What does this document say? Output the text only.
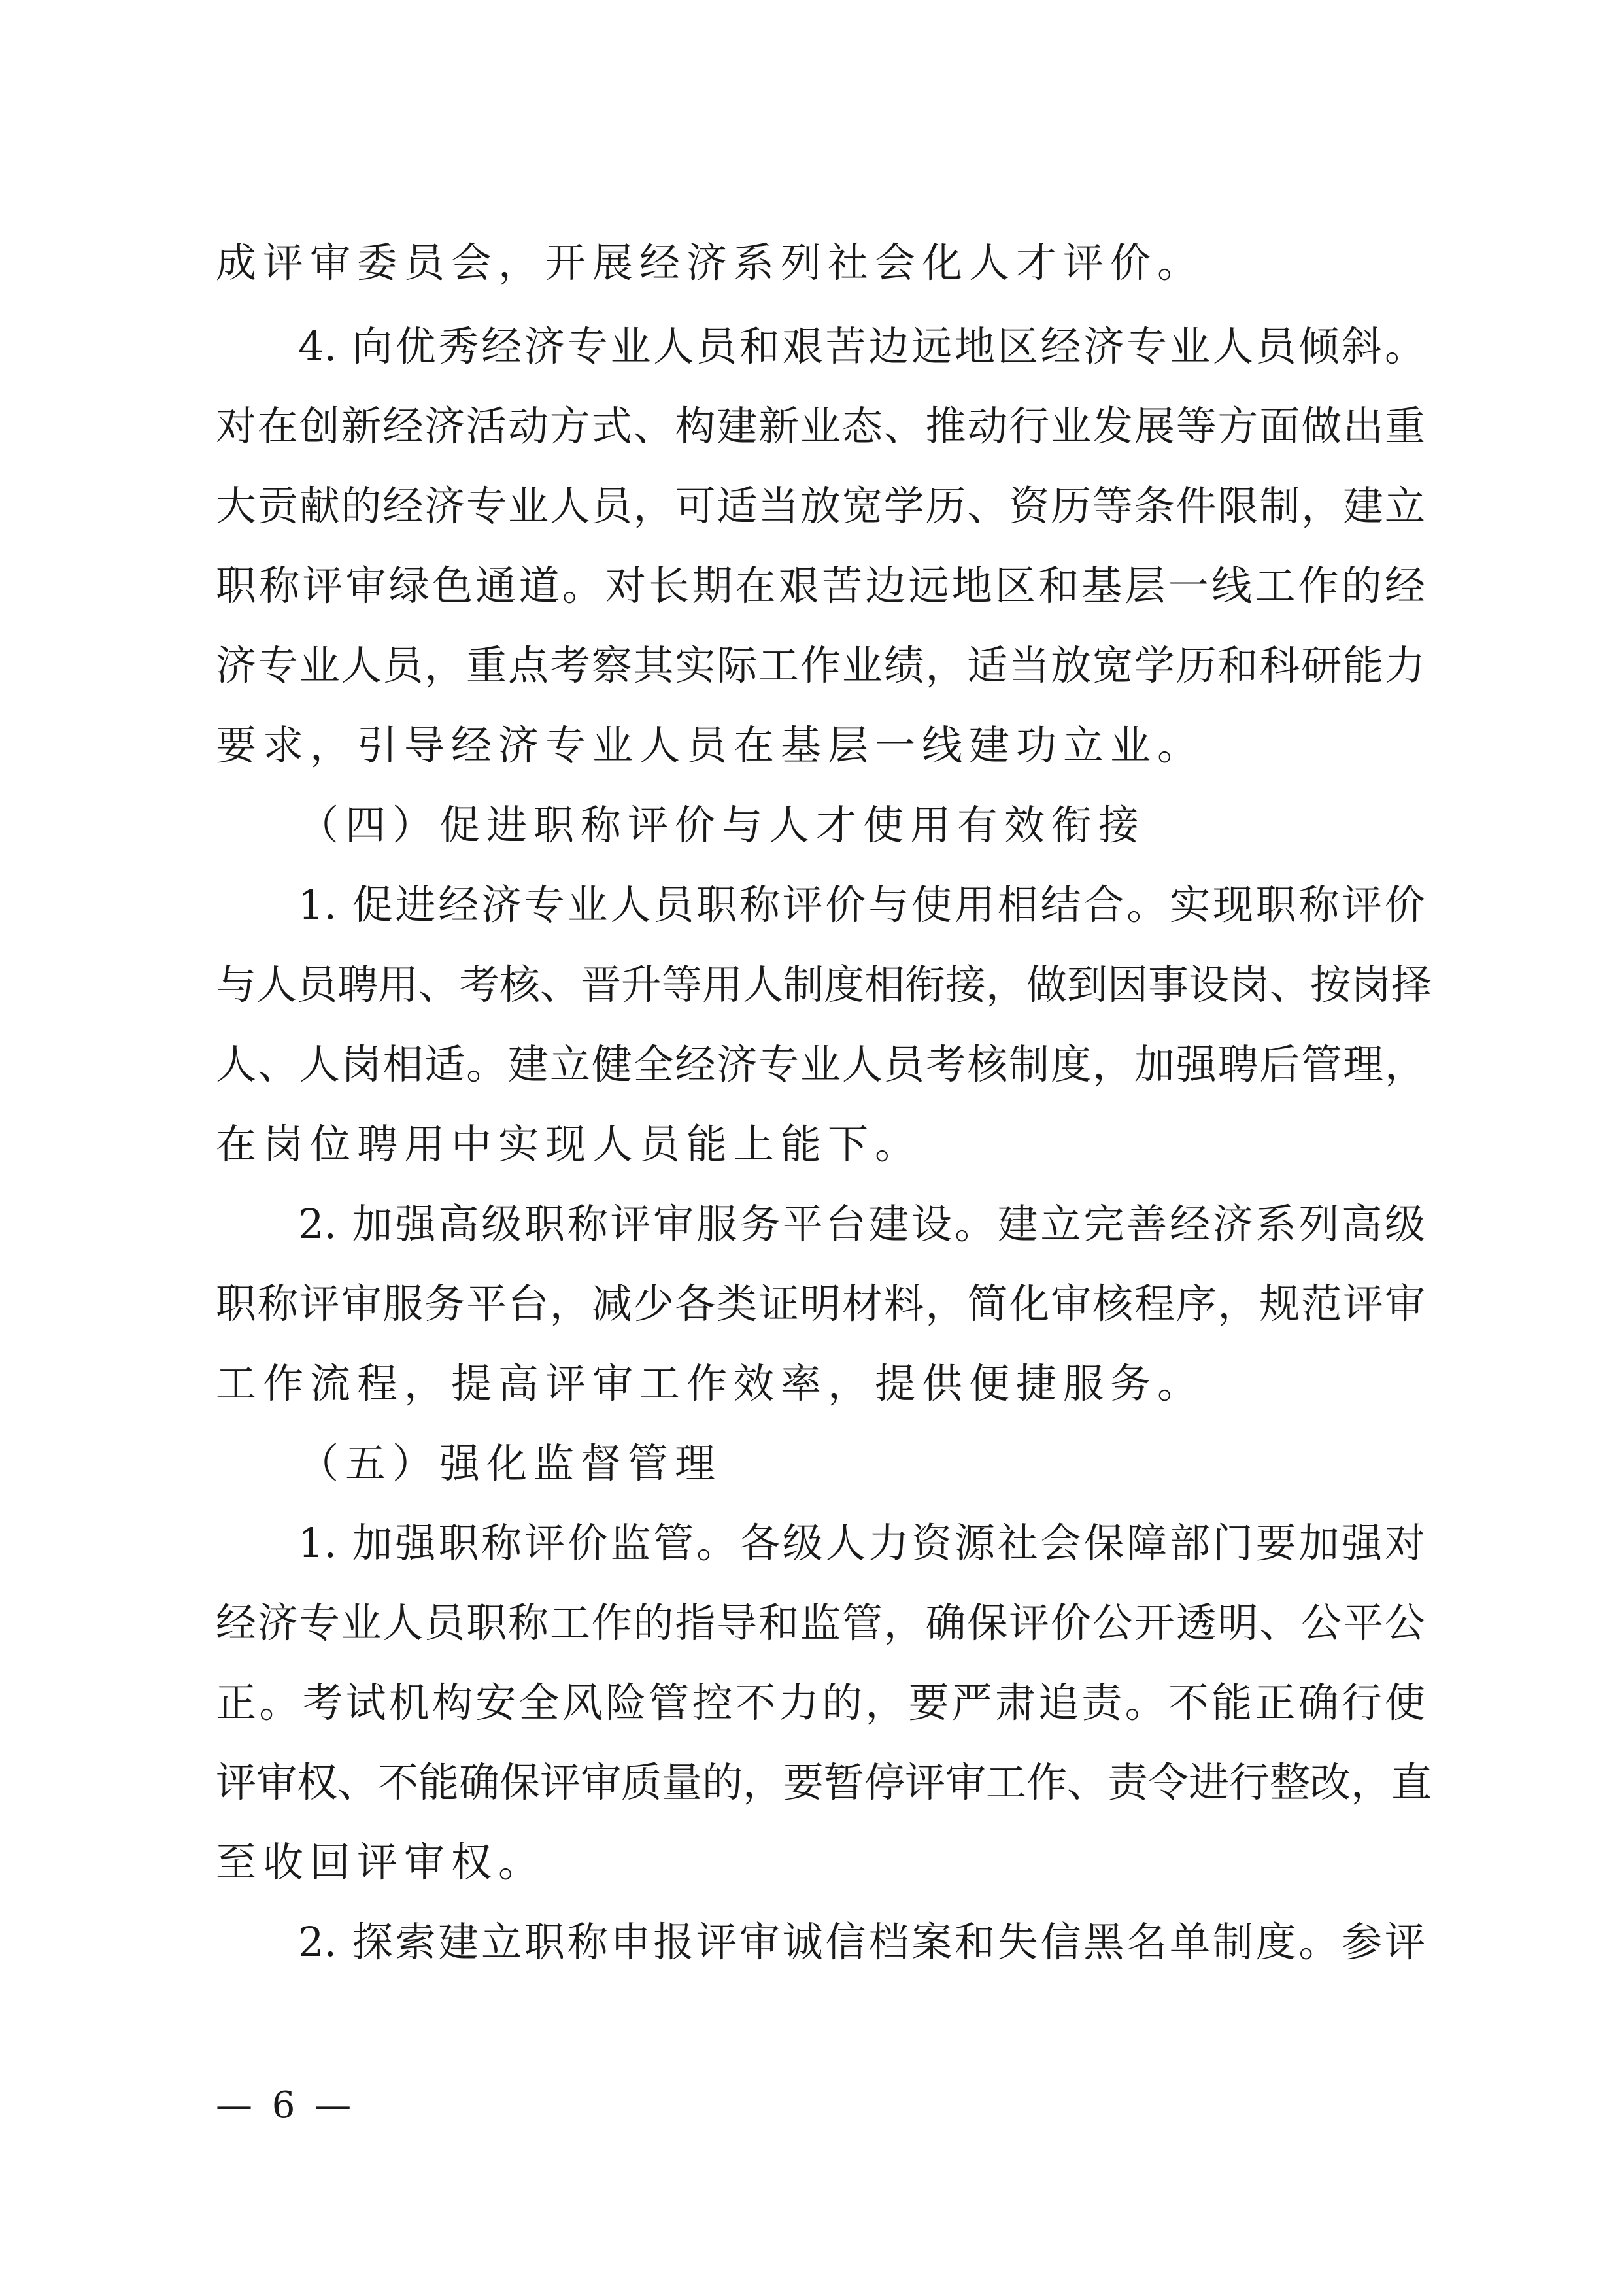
成评审委员会，开展经济系列社会化人才评价。
4. 向优秀经济专业人员和艰苦边远地区经济专业人员倾斜。
对在创新经济活动方式、构建新业态、推动行业发展等方面做出重
大贡献的经济专业人员，可适当放宽学历、资历等条件限制，建立
职称评审绿色通道。对长期在艰苦边远地区和基层一线工作的经
济专业人员，重点考察其实际工作业绩，适当放宽学历和科研能力
要求，引导经济专业人员在基层一线建功立业。
（四）促进职称评价与人才使用有效衔接
1. 促进经济专业人员职称评价与使用相结合。实现职称评价
与人员聘用、考核、晋升等用人制度相衔接，做到因事设岗、按岗择
人、人岗相适。建立健全经济专业人员考核制度，加强聘后管理，
在岗位聘用中实现人员能上能下。
2. 加强高级职称评审服务平台建设。建立完善经济系列高级
职称评审服务平台，减少各类证明材料，简化审核程序，规范评审
工作流程，提高评审工作效率，提供便捷服务。
（五）强化监督管理
1. 加强职称评价监管。各级人力资源社会保障部门要加强对
经济专业人员职称工作的指导和监管，确保评价公开透明、公平公
正。考试机构安全风险管控不力的，要严肃追责。不能正确行使
评审权、不能确保评审质量的，要暂停评审工作、责令进行整改，直
至收回评审权。
2. 探索建立职称申报评审诚信档案和失信黑名单制度。参评
— 6 —
